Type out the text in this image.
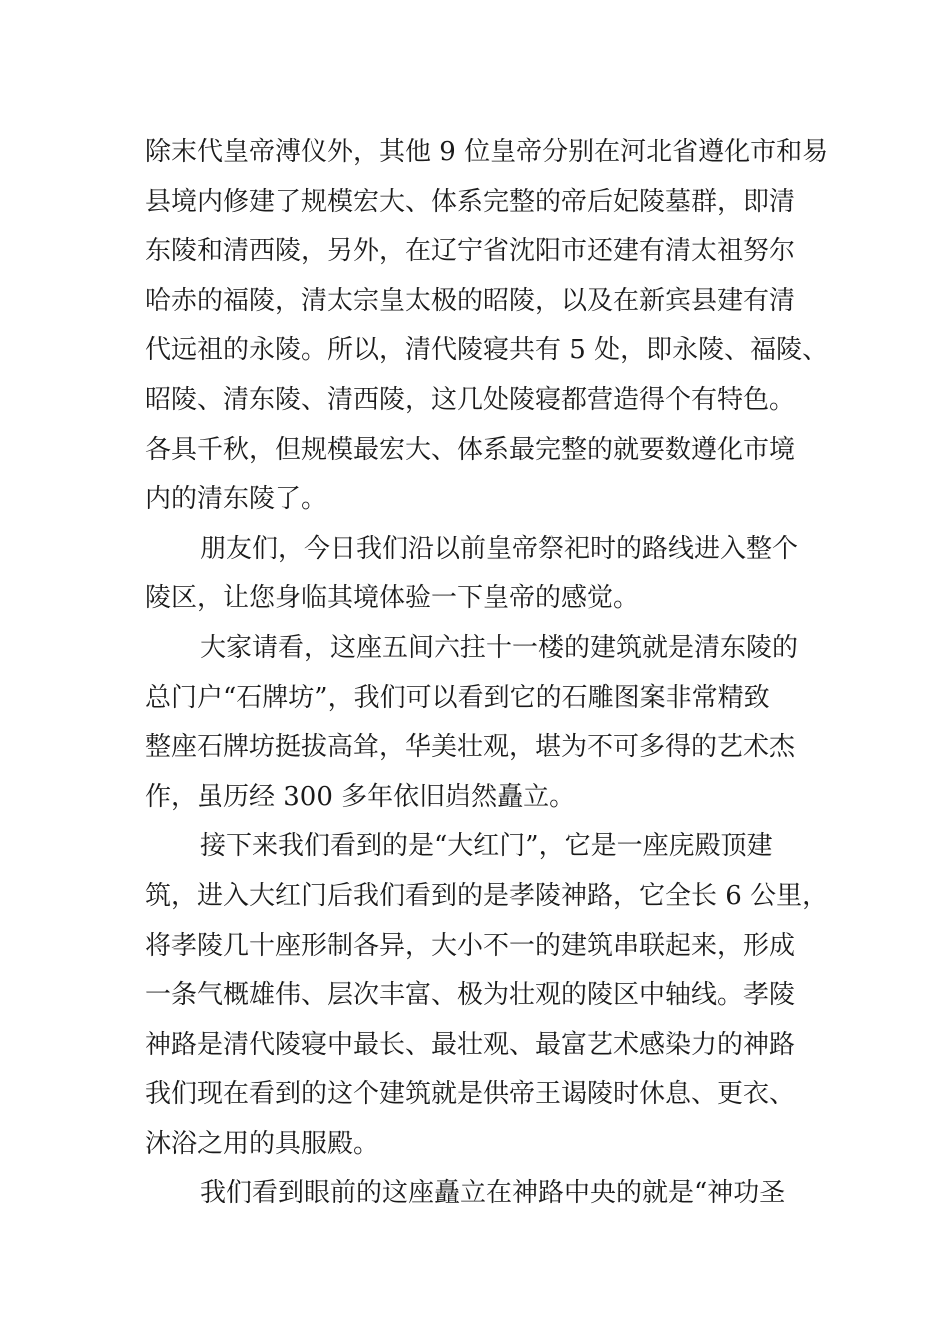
除末代皇帝溥仪外，其他 9 位皇帝分别在河北省遵化市和易
县境内修建了规模宏大、体系完整的帝后妃陵墓群，即清
东陵和清西陵，另外，在辽宁省沈阳市还建有清太祖努尔
哈赤的福陵，清太宗皇太极的昭陵，以及在新宾县建有清
代远祖的永陵。所以，清代陵寝共有 5 处，即永陵、福陵、
昭陵、清东陵、清西陵，这几处陵寝都营造得个有特色。
各具千秋，但规模最宏大、体系最完整的就要数遵化市境
内的清东陵了。
朋友们，今日我们沿以前皇帝祭祀时的路线进入整个
陵区，让您身临其境体验一下皇帝的感觉。
大家请看，这座五间六拄十一楼的建筑就是清东陵的
总门户“石牌坊”，我们可以看到它的石雕图案非常精致
整座石牌坊挺拔高耸，华美壮观，堪为不可多得的艺术杰
作，虽历经 300 多年依旧岿然矗立。
接下来我们看到的是“大红门”，它是一座庑殿顶建
筑，进入大红门后我们看到的是孝陵神路，它全长 6 公里，
将孝陵几十座形制各异，大小不一的建筑串联起来，形成
一条气概雄伟、层次丰富、极为壮观的陵区中轴线。孝陵
神路是清代陵寝中最长、最壮观、最富艺术感染力的神路
我们现在看到的这个建筑就是供帝王谒陵时休息、更衣、
沐浴之用的具服殿。
我们看到眼前的这座矗立在神路中央的就是“神功圣
